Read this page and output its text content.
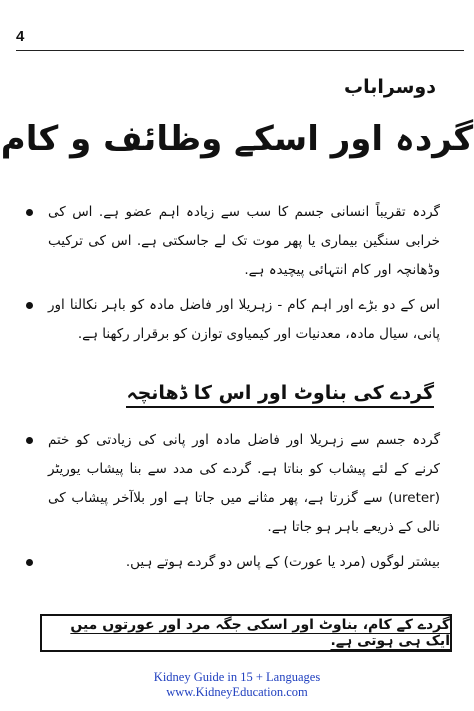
4
دوسراباب
گردہ اور اسکے وظائف و کام
گردہ تقریباً انسانی جسم کا سب سے زیادہ اہم عضو ہے. اس کی خرابی سنگین بیماری یا پھر موت تک لے جاسکتی ہے. اس کی ترکیب وڈھانچہ اور کام انتہائی پیچیدہ ہے.
اس کے دو بڑے اور اہم کام - زہریلا اور فاضل مادہ کو باہر نکالنا اور پانی، سیال مادہ، معدنیات اور کیمیاوی توازن کو برقرار رکھنا ہے.
گردے کی بناوٹ اور اس کا ڈھانچہ
گردہ جسم سے زہریلا اور فاضل مادہ اور پانی کی زیادتی کو ختم کرنے کے لئے پیشاب کو بناتا ہے. گردے کی مدد سے بنا پیشاب یوریٹر (ureter) سے گزرتا ہے، پھر مثانے میں جاتا ہے اور بلاآخر پیشاب کی نالی کے ذریعے باہر ہو جاتا ہے.
بیشتر لوگوں (مرد یا عورت) کے پاس دو گردے ہوتے ہیں.
گردے کے کام، بناوٹ اور اسکی جگہ مرد اور عورتوں میں ایک ہی ہوتی ہے.
Kidney Guide in 15 + Languages
www.KidneyEducation.com
